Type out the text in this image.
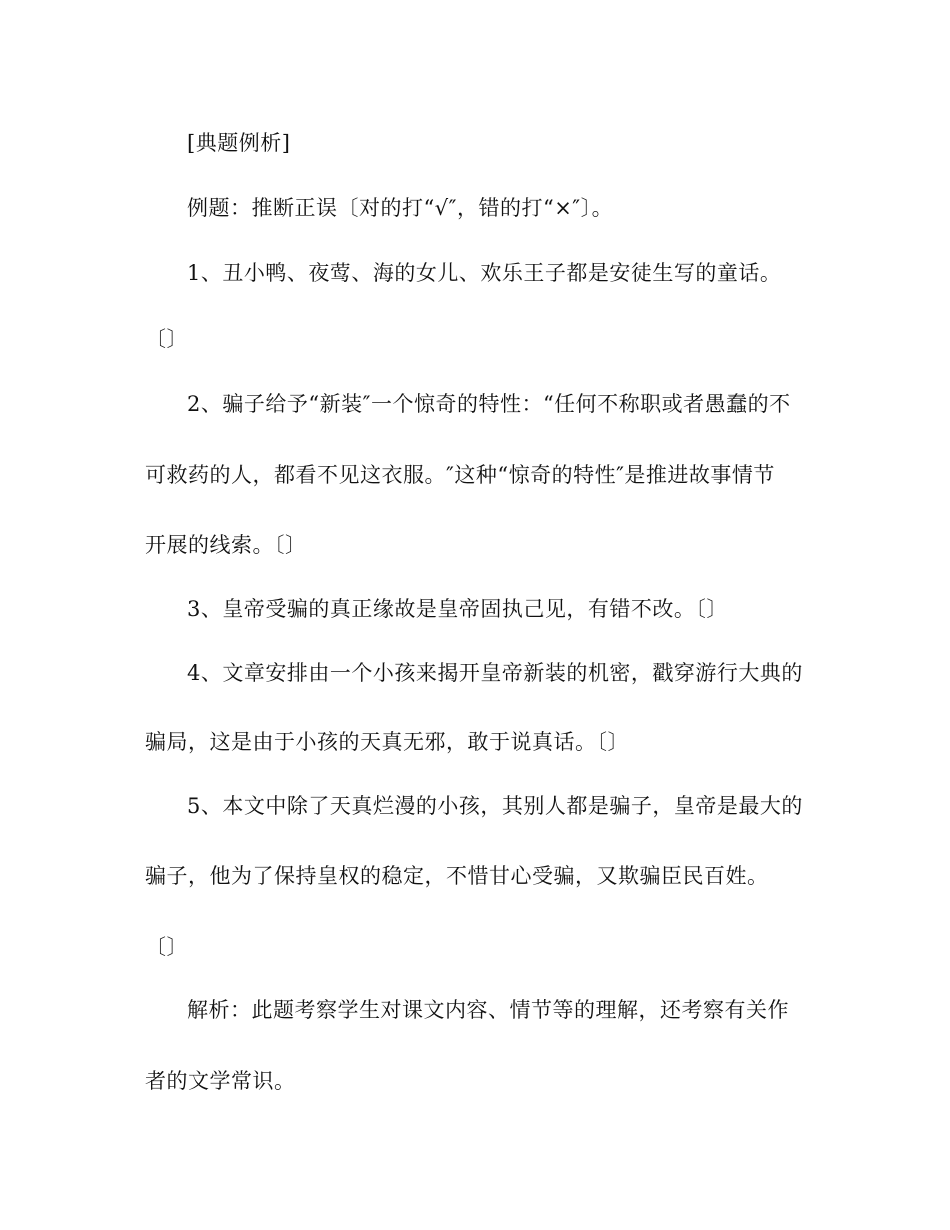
[典题例析]
例题：推断正误〔对的打“√″，错的打“×″〕。
1、丑小鸭、夜莺、海的女儿、欢乐王子都是安徒生写的童话。
〔〕
2、骗子给予“新装″一个惊奇的特性：“任何不称职或者愚蠢的不
可救药的人，都看不见这衣服。″这种“惊奇的特性″是推进故事情节
开展的线索。〔〕
3、皇帝受骗的真正缘故是皇帝固执己见，有错不改。〔〕
4、文章安排由一个小孩来揭开皇帝新装的机密，戳穿游行大典的
骗局，这是由于小孩的天真无邪，敢于说真话。〔〕
5、本文中除了天真烂漫的小孩，其别人都是骗子，皇帝是最大的
骗子，他为了保持皇权的稳定，不惜甘心受骗，又欺骗臣民百姓。
〔〕
解析：此题考察学生对课文内容、情节等的理解，还考察有关作
者的文学常识。
